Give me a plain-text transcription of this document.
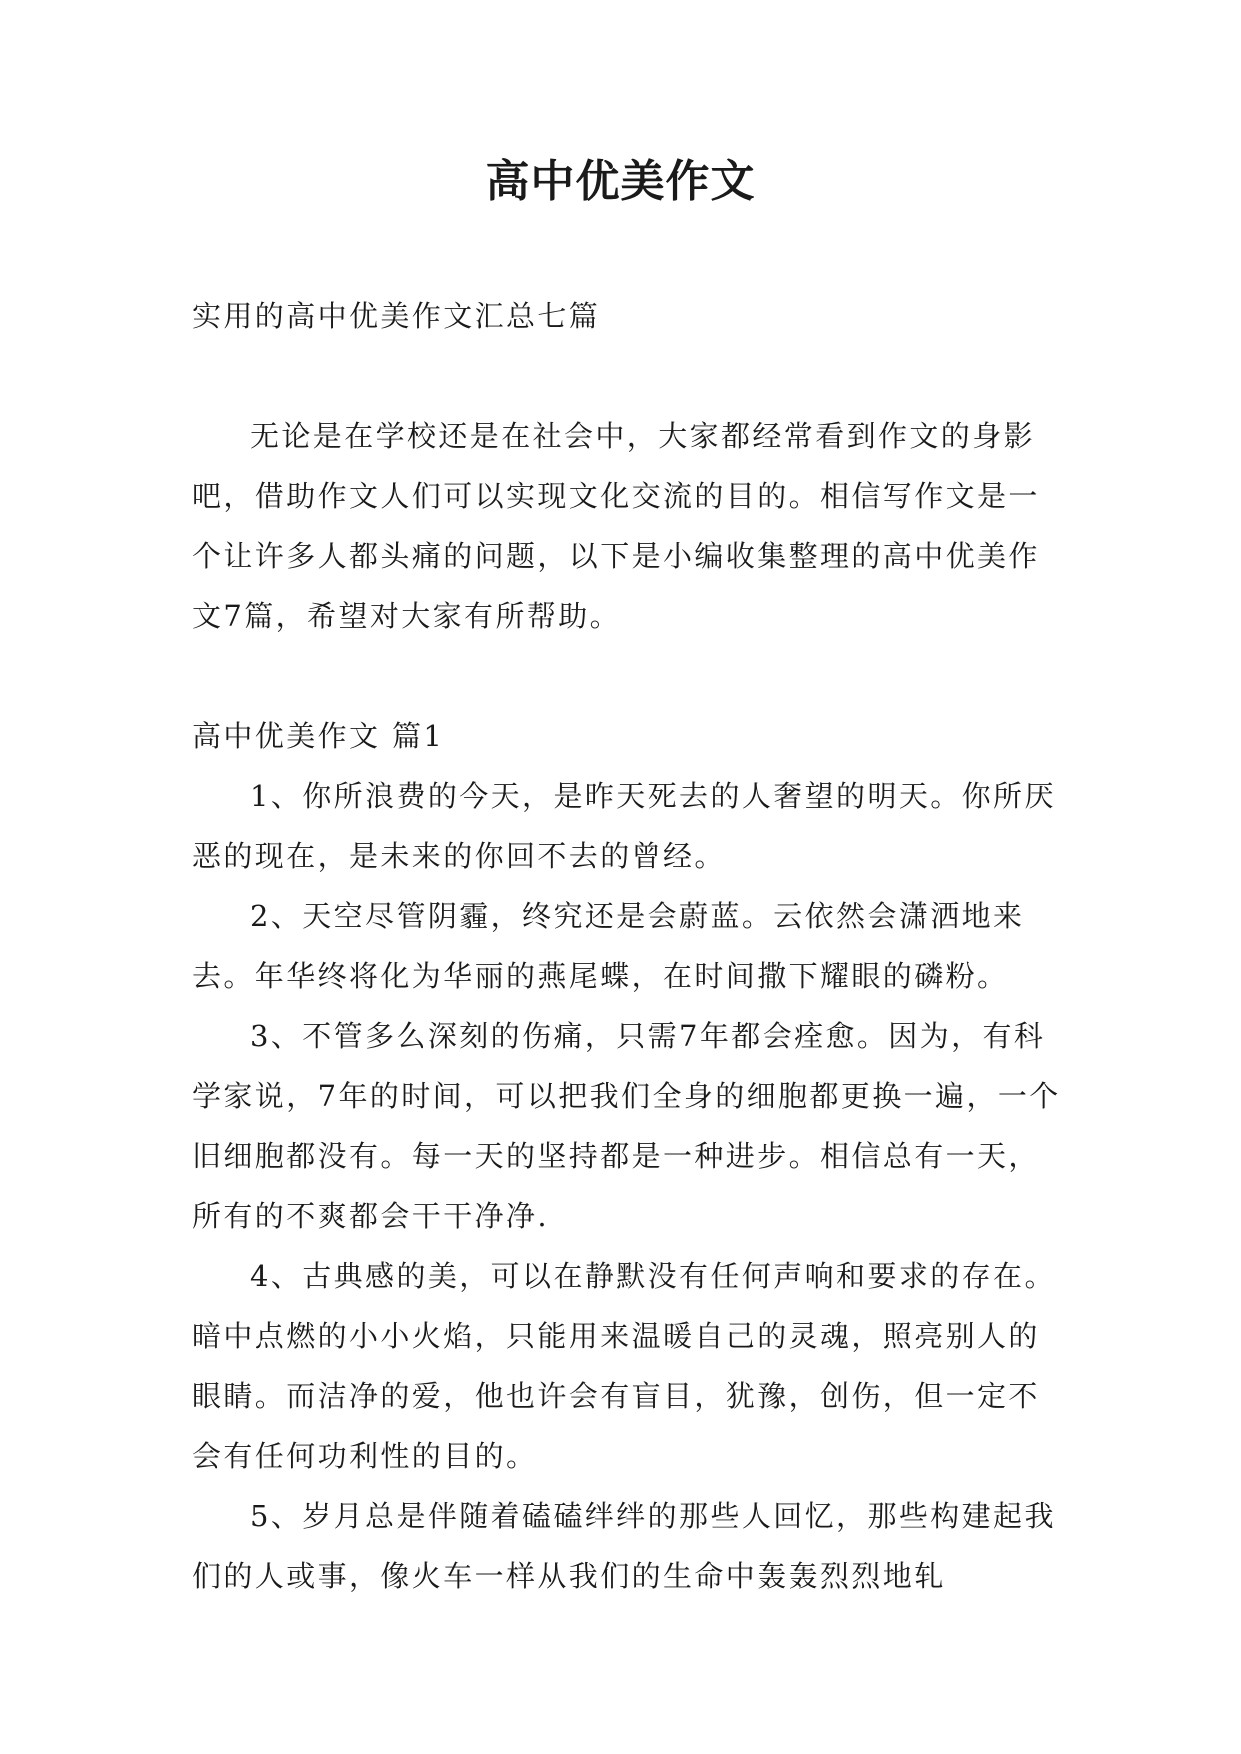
高中优美作文

实用的高中优美作文汇总七篇

无论是在学校还是在社会中，大家都经常看到作文的身影吧，借助作文人们可以实现文化交流的目的。相信写作文是一个让许多人都头痛的问题，以下是小编收集整理的高中优美作文7篇，希望对大家有所帮助。

高中优美作文 篇1

1、你所浪费的今天，是昨天死去的人奢望的明天。你所厌恶的现在，是未来的你回不去的曾经。

2、天空尽管阴霾，终究还是会蔚蓝。云依然会潇洒地来去。年华终将化为华丽的燕尾蝶，在时间撒下耀眼的磷粉。

3、不管多么深刻的伤痛，只需7年都会痊愈。因为，有科学家说，7年的时间，可以把我们全身的细胞都更换一遍，一个旧细胞都没有。每一天的坚持都是一种进步。相信总有一天，所有的不爽都会干干净净.

4、古典感的美，可以在静默没有任何声响和要求的存在。暗中点燃的小小火焰，只能用来温暖自己的灵魂，照亮别人的眼睛。而洁净的爱，他也许会有盲目，犹豫，创伤，但一定不会有任何功利性的目的。

5、岁月总是伴随着磕磕绊绊的那些人回忆，那些构建起我们的人或事，像火车一样从我们的生命中轰轰烈烈地轧
